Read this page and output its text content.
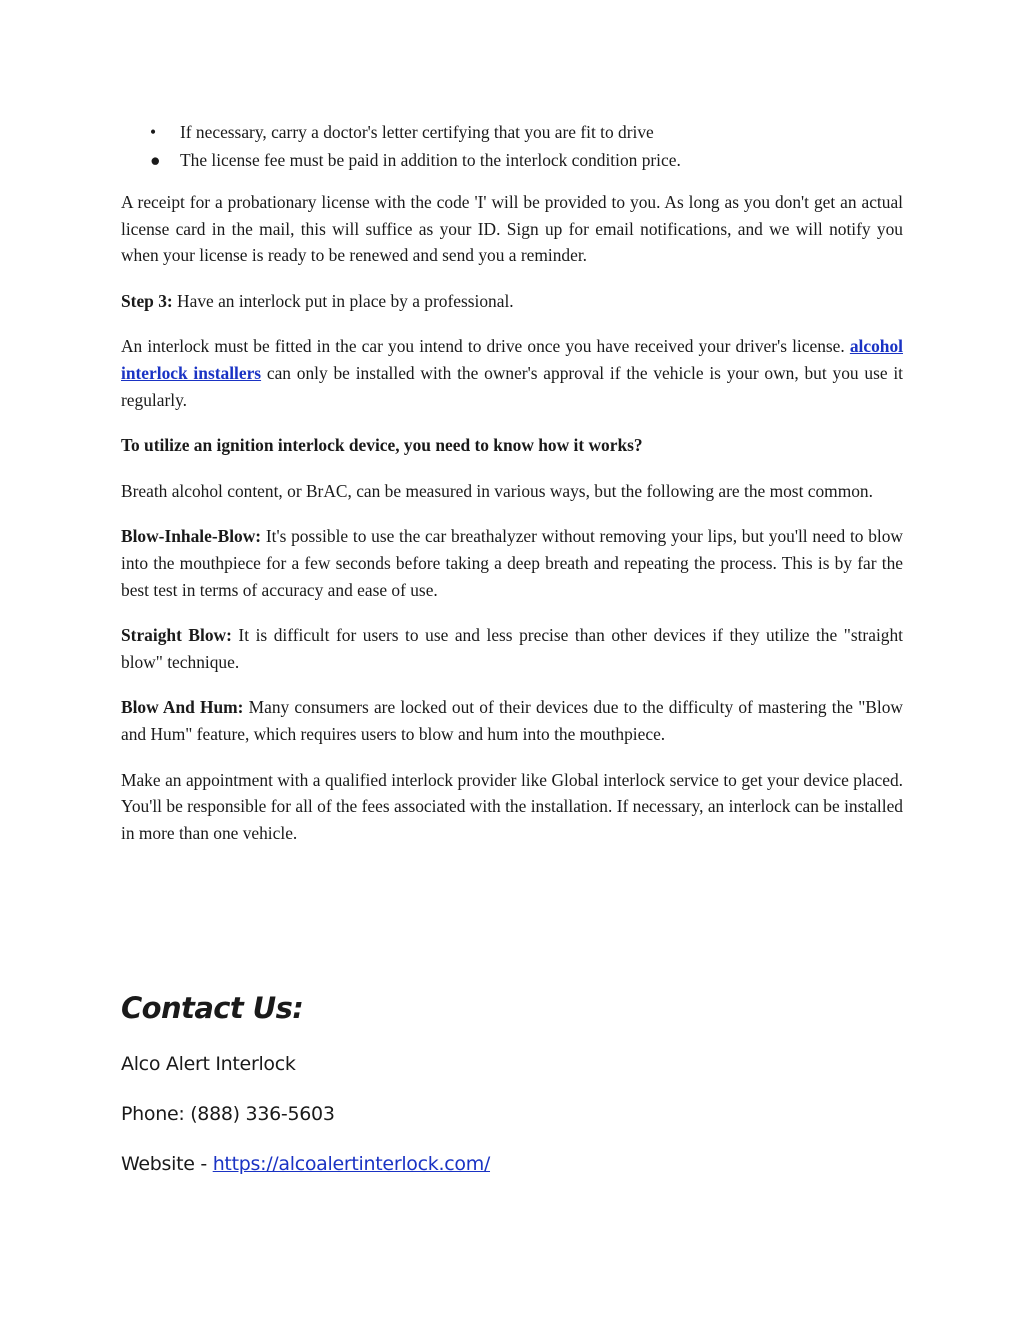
• If necessary, carry a doctor's letter certifying that you are fit to drive
● The license fee must be paid in addition to the interlock condition price.

A receipt for a probationary license with the code 'I' will be provided to you. As long as you don't get an actual license card in the mail, this will suffice as your ID. Sign up for email notifications, and we will notify you when your license is ready to be renewed and send you a reminder.

Step 3: Have an interlock put in place by a professional.

An interlock must be fitted in the car you intend to drive once you have received your driver's license. alcohol interlock installers can only be installed with the owner's approval if the vehicle is your own, but you use it regularly.

To utilize an ignition interlock device, you need to know how it works?

Breath alcohol content, or BrAC, can be measured in various ways, but the following are the most common.

Blow-Inhale-Blow: It's possible to use the car breathalyzer without removing your lips, but you'll need to blow into the mouthpiece for a few seconds before taking a deep breath and repeating the process. This is by far the best test in terms of accuracy and ease of use.

Straight Blow: It is difficult for users to use and less precise than other devices if they utilize the "straight blow" technique.

Blow And Hum: Many consumers are locked out of their devices due to the difficulty of mastering the "Blow and Hum" feature, which requires users to blow and hum into the mouthpiece.

Make an appointment with a qualified interlock provider like Global interlock service to get your device placed. You'll be responsible for all of the fees associated with the installation. If necessary, an interlock can be installed in more than one vehicle.

Contact Us:
Alco Alert Interlock
Phone: (888) 336-5603
Website - https://alcoalertinterlock.com/
